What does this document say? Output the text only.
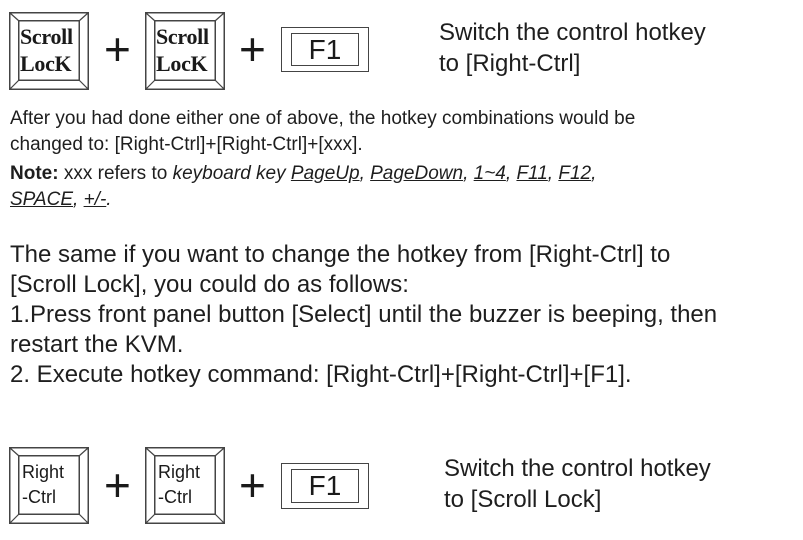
Scroll
LocK + Scroll
LocK +	F1
Switch the control hotkey
to [Right-Ctrl]
After you had done either one of above, the hotkey combinations would be
changed to: [Right-Ctrl]+[Right-Ctrl]+[xxx].
Note: xxx refers to keyboard key PageUp, PageDown, 1~4, F11, F12,
SPACE, +/-.
The same if you want to change the hotkey from [Right-Ctrl] to
[Scroll Lock], you could do as follows:
1.Press front panel button [Select] until the buzzer is beeping, then
restart the KVM.
2. Execute hotkey command: [Right-Ctrl]+[Right-Ctrl]+[F1].
Right
-Ctrl	+ Right
-Ctrl	+	F1
Switch the control hotkey
to [Scroll Lock]
